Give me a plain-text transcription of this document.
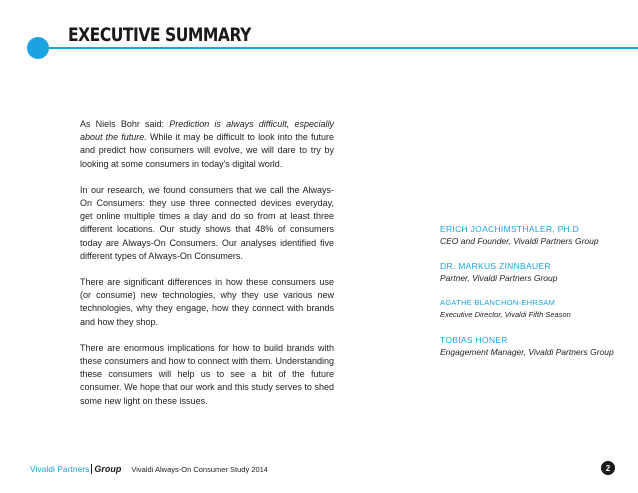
EXECUTIVE SUMMARY

As Niels Bohr said: Prediction is always difficult, especially about the future. While it may be difficult to look into the future and predict how consumers will evolve, we will dare to try by looking at some consumers in today's digital world.

In our research, we found consumers that we call the Always-On Consumers: they use three connected devices everyday, get online multiple times a day and do so from at least three different locations. Our study shows that 48% of consumers today are Always-On Consumers. Our analyses identified five different types of Always-On Consumers.

There are significant differences in how these consumers use (or consume) new technologies, why they use various new technologies, why they engage, how they connect with brands and how they shop.

There are enormous implications for how to build brands with these consumers and how to connect with them. Understanding these consumers will help us to see a bit of the future consumer. We hope that our work and this study serves to shed some new light on these issues.

ERICH JOACHIMSTHALER, PH.D
CEO and Founder, Vivaldi Partners Group
DR. MARKUS ZINNBAUER
Partner, Vivaldi Partners Group
AGATHE BLANCHON-EHRSAM
Executive Director, Vivaldi Fifth Season
TOBIAS HONER
Engagement Manager, Vivaldi Partners Group
Vivaldi Partners Group Vivaldi Always-On Consumer Study 2014	2
